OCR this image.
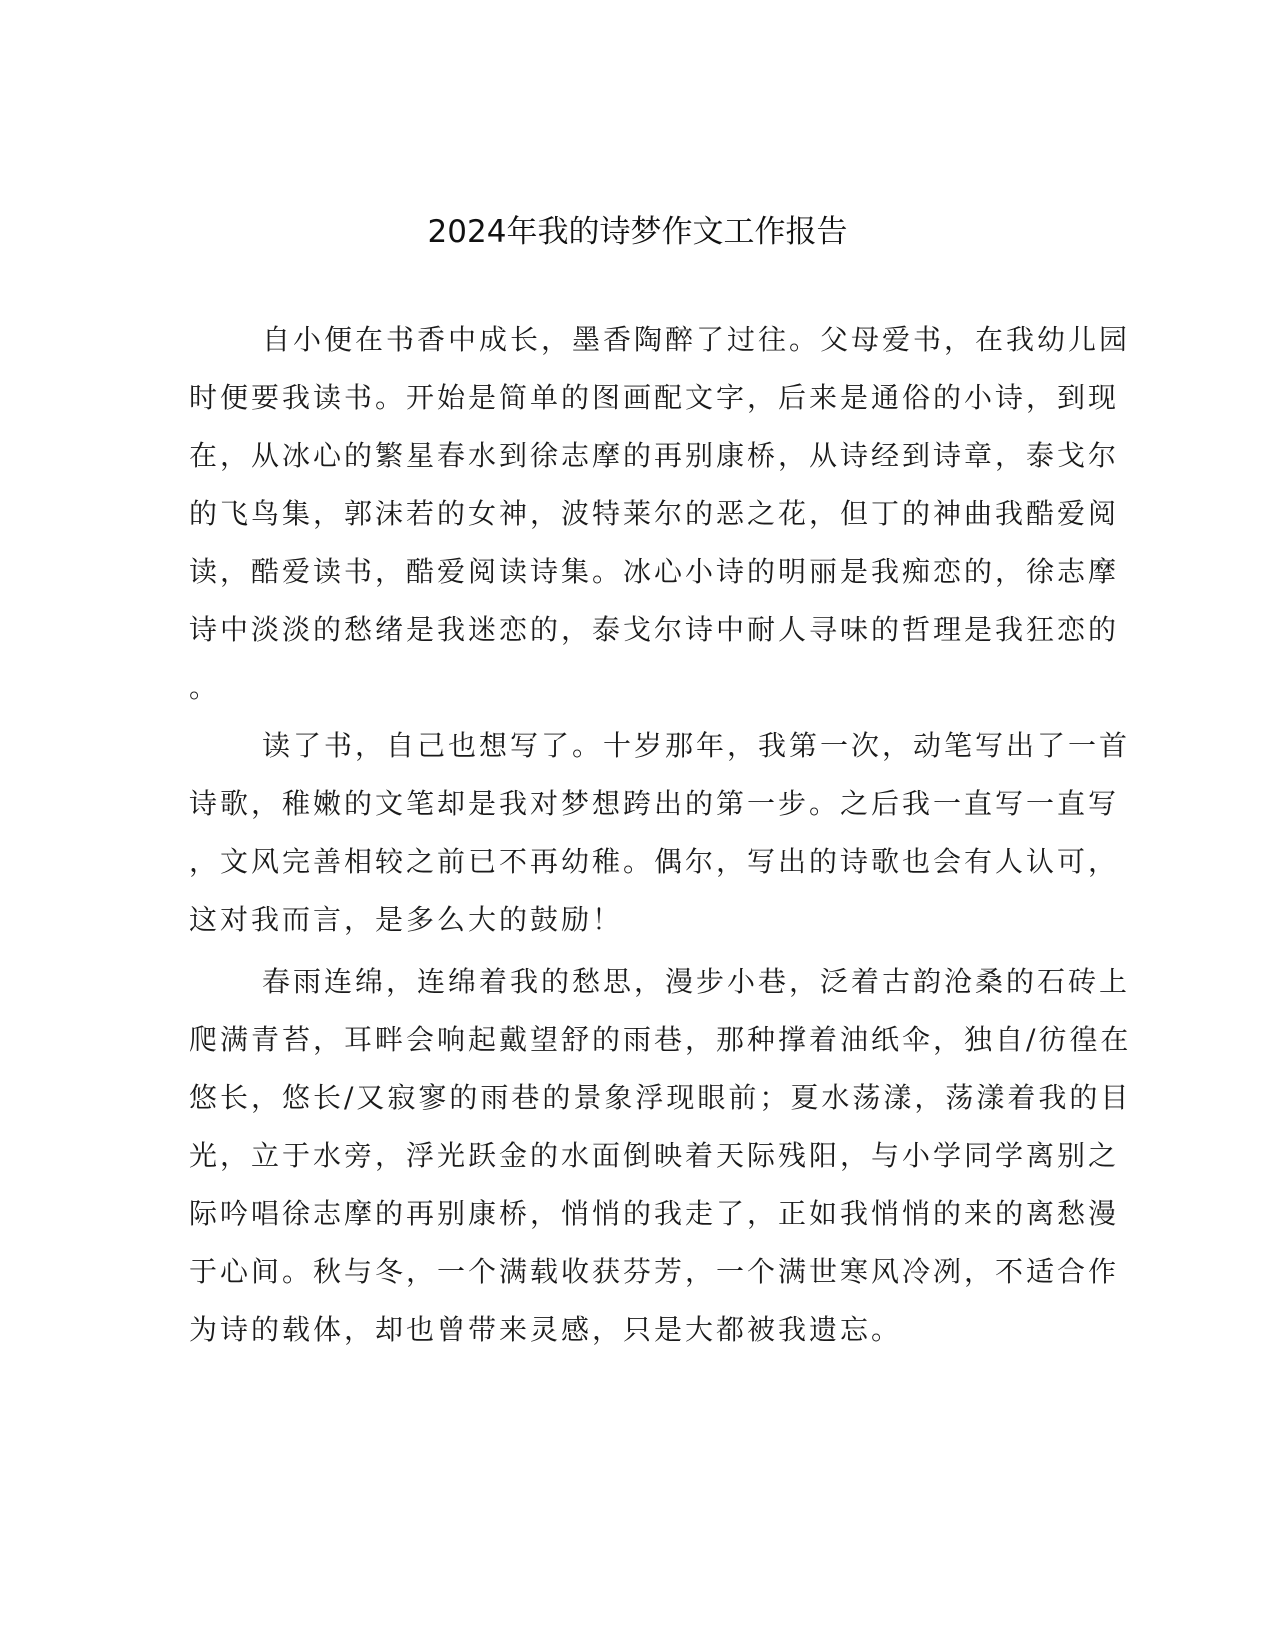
2024年我的诗梦作文工作报告

自小便在书香中成长，墨香陶醉了过往。父母爱书，在我幼儿园

时便要我读书。开始是简单的图画配文字，后来是通俗的小诗，到现

在，从冰心的繁星春水到徐志摩的再别康桥，从诗经到诗章，泰戈尔

的飞鸟集，郭沫若的女神，波特莱尔的恶之花，但丁的神曲我酷爱阅

读，酷爱读书，酷爱阅读诗集。冰心小诗的明丽是我痴恋的，徐志摩

诗中淡淡的愁绪是我迷恋的，泰戈尔诗中耐人寻味的哲理是我狂恋的

。

读了书，自己也想写了。十岁那年，我第一次，动笔写出了一首

诗歌，稚嫩的文笔却是我对梦想跨出的第一步。之后我一直写一直写

，文风完善相较之前已不再幼稚。偶尔，写出的诗歌也会有人认可，

这对我而言，是多么大的鼓励！

春雨连绵，连绵着我的愁思，漫步小巷，泛着古韵沧桑的石砖上

爬满青苔，耳畔会响起戴望舒的雨巷，那种撑着油纸伞，独自/彷徨在

悠长，悠长/又寂寥的雨巷的景象浮现眼前；夏水荡漾，荡漾着我的目

光，立于水旁，浮光跃金的水面倒映着天际残阳，与小学同学离别之

际吟唱徐志摩的再别康桥，悄悄的我走了，正如我悄悄的来的离愁漫

于心间。秋与冬，一个满载收获芬芳，一个满世寒风冷冽，不适合作

为诗的载体，却也曾带来灵感，只是大都被我遗忘。
